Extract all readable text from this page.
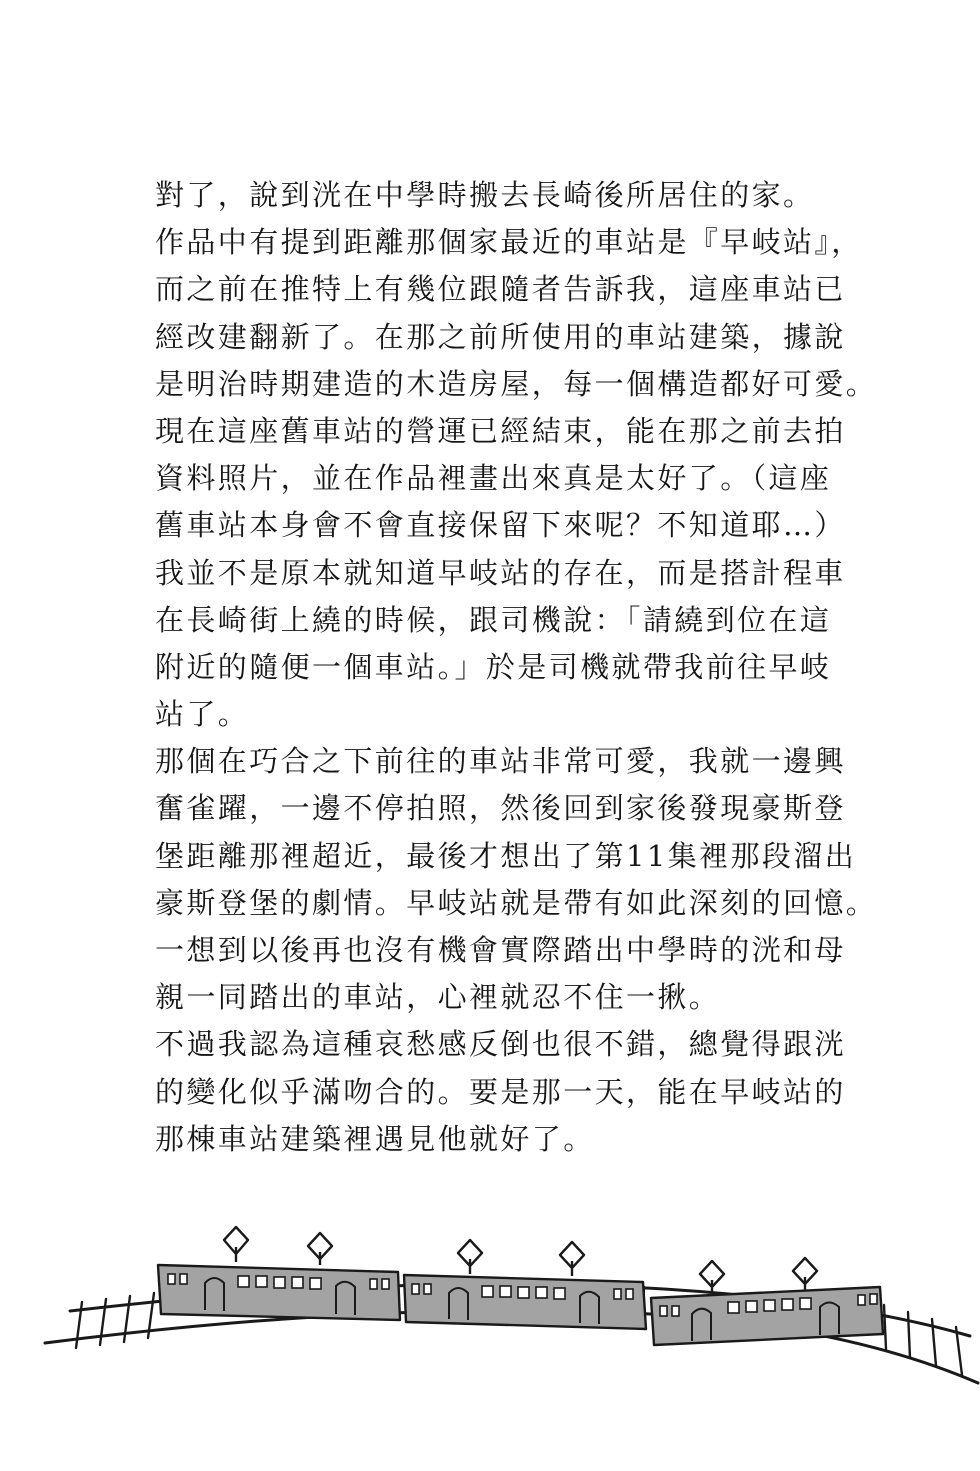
對了，說到洸在中學時搬去長崎後所居住的家。
作品中有提到距離那個家最近的車站是『早岐站』，
而之前在推特上有幾位跟隨者告訴我，這座車站已
經改建翻新了。在那之前所使用的車站建築，據說
是明治時期建造的木造房屋，每一個構造都好可愛。
現在這座舊車站的營運已經結束，能在那之前去拍
資料照片，並在作品裡畫出來真是太好了。（這座
舊車站本身會不會直接保留下來呢？不知道耶…）
我並不是原本就知道早岐站的存在，而是搭計程車
在長崎街上繞的時候，跟司機說：「請繞到位在這
附近的隨便一個車站。」於是司機就帶我前往早岐
站了。
那個在巧合之下前往的車站非常可愛，我就一邊興
奮雀躍，一邊不停拍照，然後回到家後發現豪斯登
堡距離那裡超近，最後才想出了第11集裡那段溜出
豪斯登堡的劇情。早岐站就是帶有如此深刻的回憶。
一想到以後再也沒有機會實際踏出中學時的洸和母
親一同踏出的車站，心裡就忍不住一揪。
不過我認為這種哀愁感反倒也很不錯，總覺得跟洸
的變化似乎滿吻合的。要是那一天，能在早岐站的
那棟車站建築裡遇見他就好了。
